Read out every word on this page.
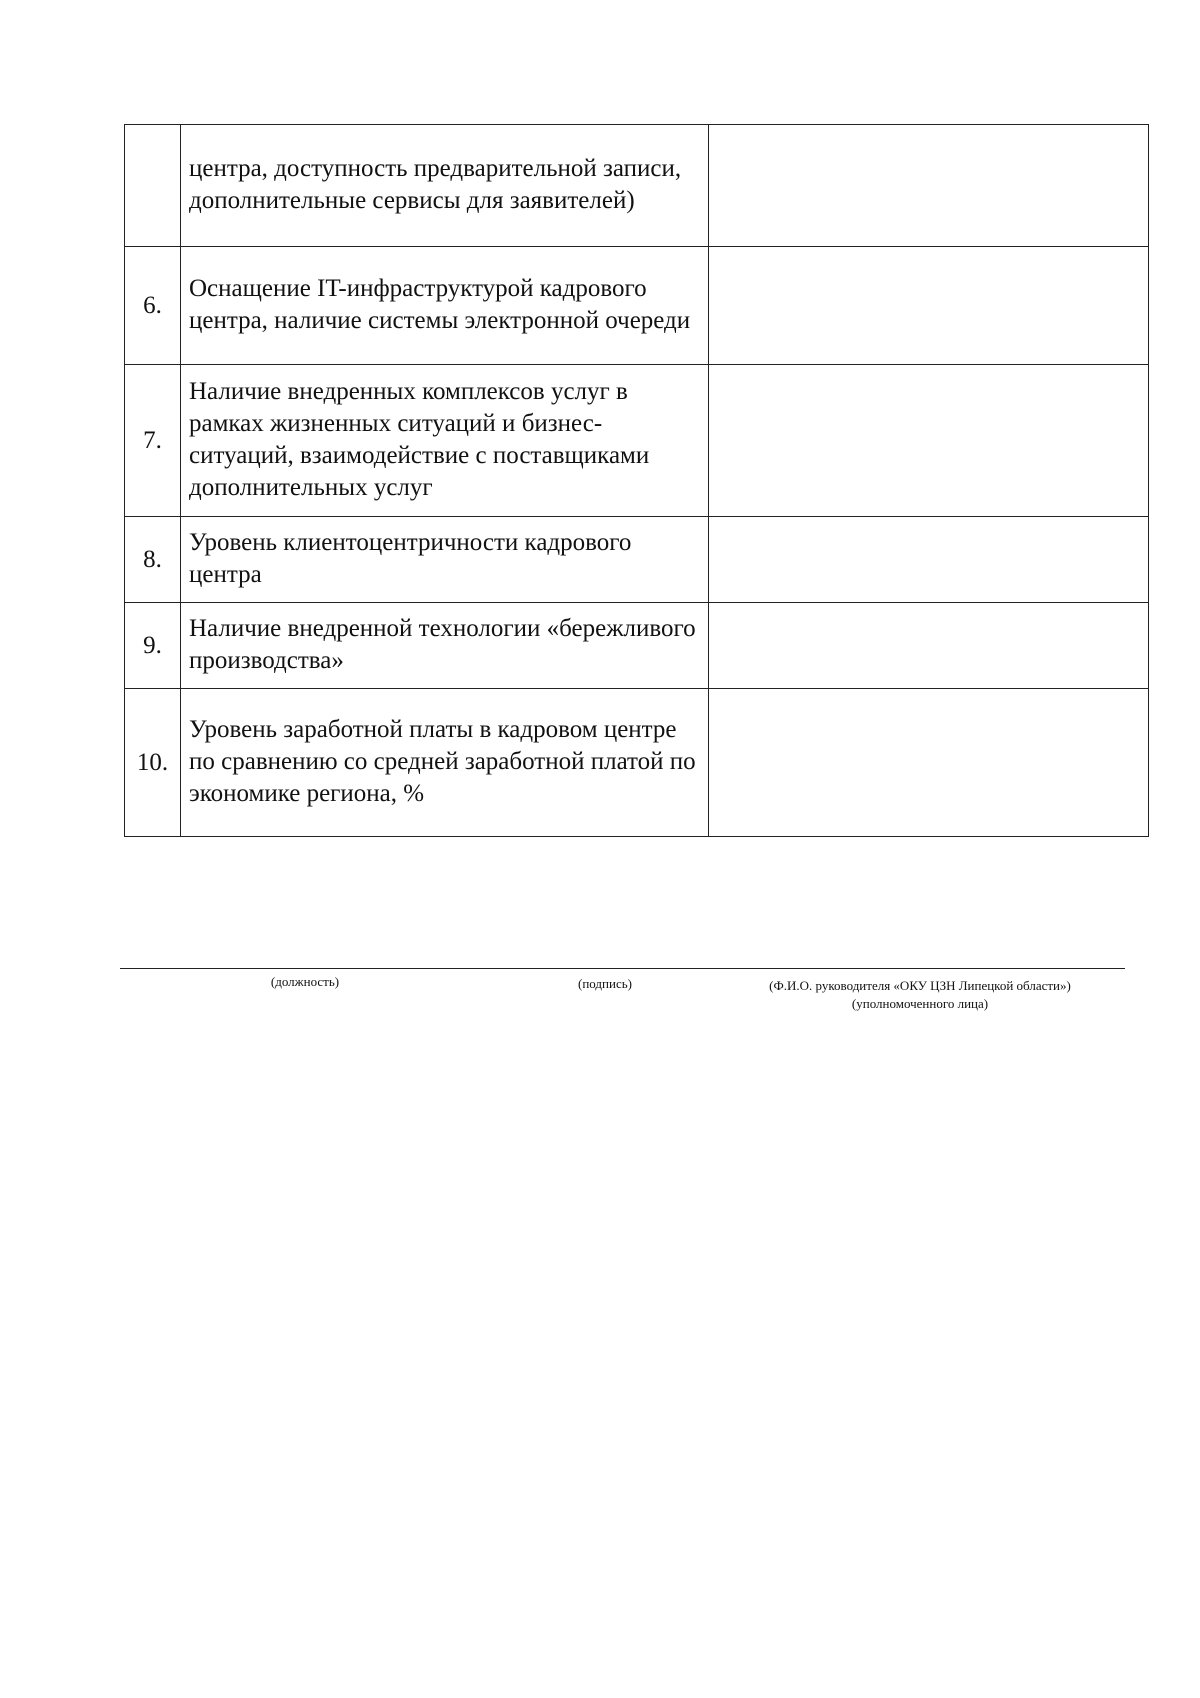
	центра, доступность предварительной записи, дополнительные сервисы для заявителей)	
6.	Оснащение IT-инфраструктурой кадрового центра, наличие системы электронной очереди	
7.	Наличие внедренных комплексов услуг в рамках жизненных ситуаций и бизнес-ситуаций, взаимодействие с поставщиками дополнительных услуг	
8.	Уровень клиентоцентричности кадрового центра	
9.	Наличие внедренной технологии «бережливого производства»	
10.	Уровень заработной платы в кадровом центре по сравнению со средней заработной платой по экономике региона, %	
(должность)	(подпись)	(Ф.И.О. руководителя «ОКУ ЦЗН Липецкой области»)
(уполномоченного лица)
